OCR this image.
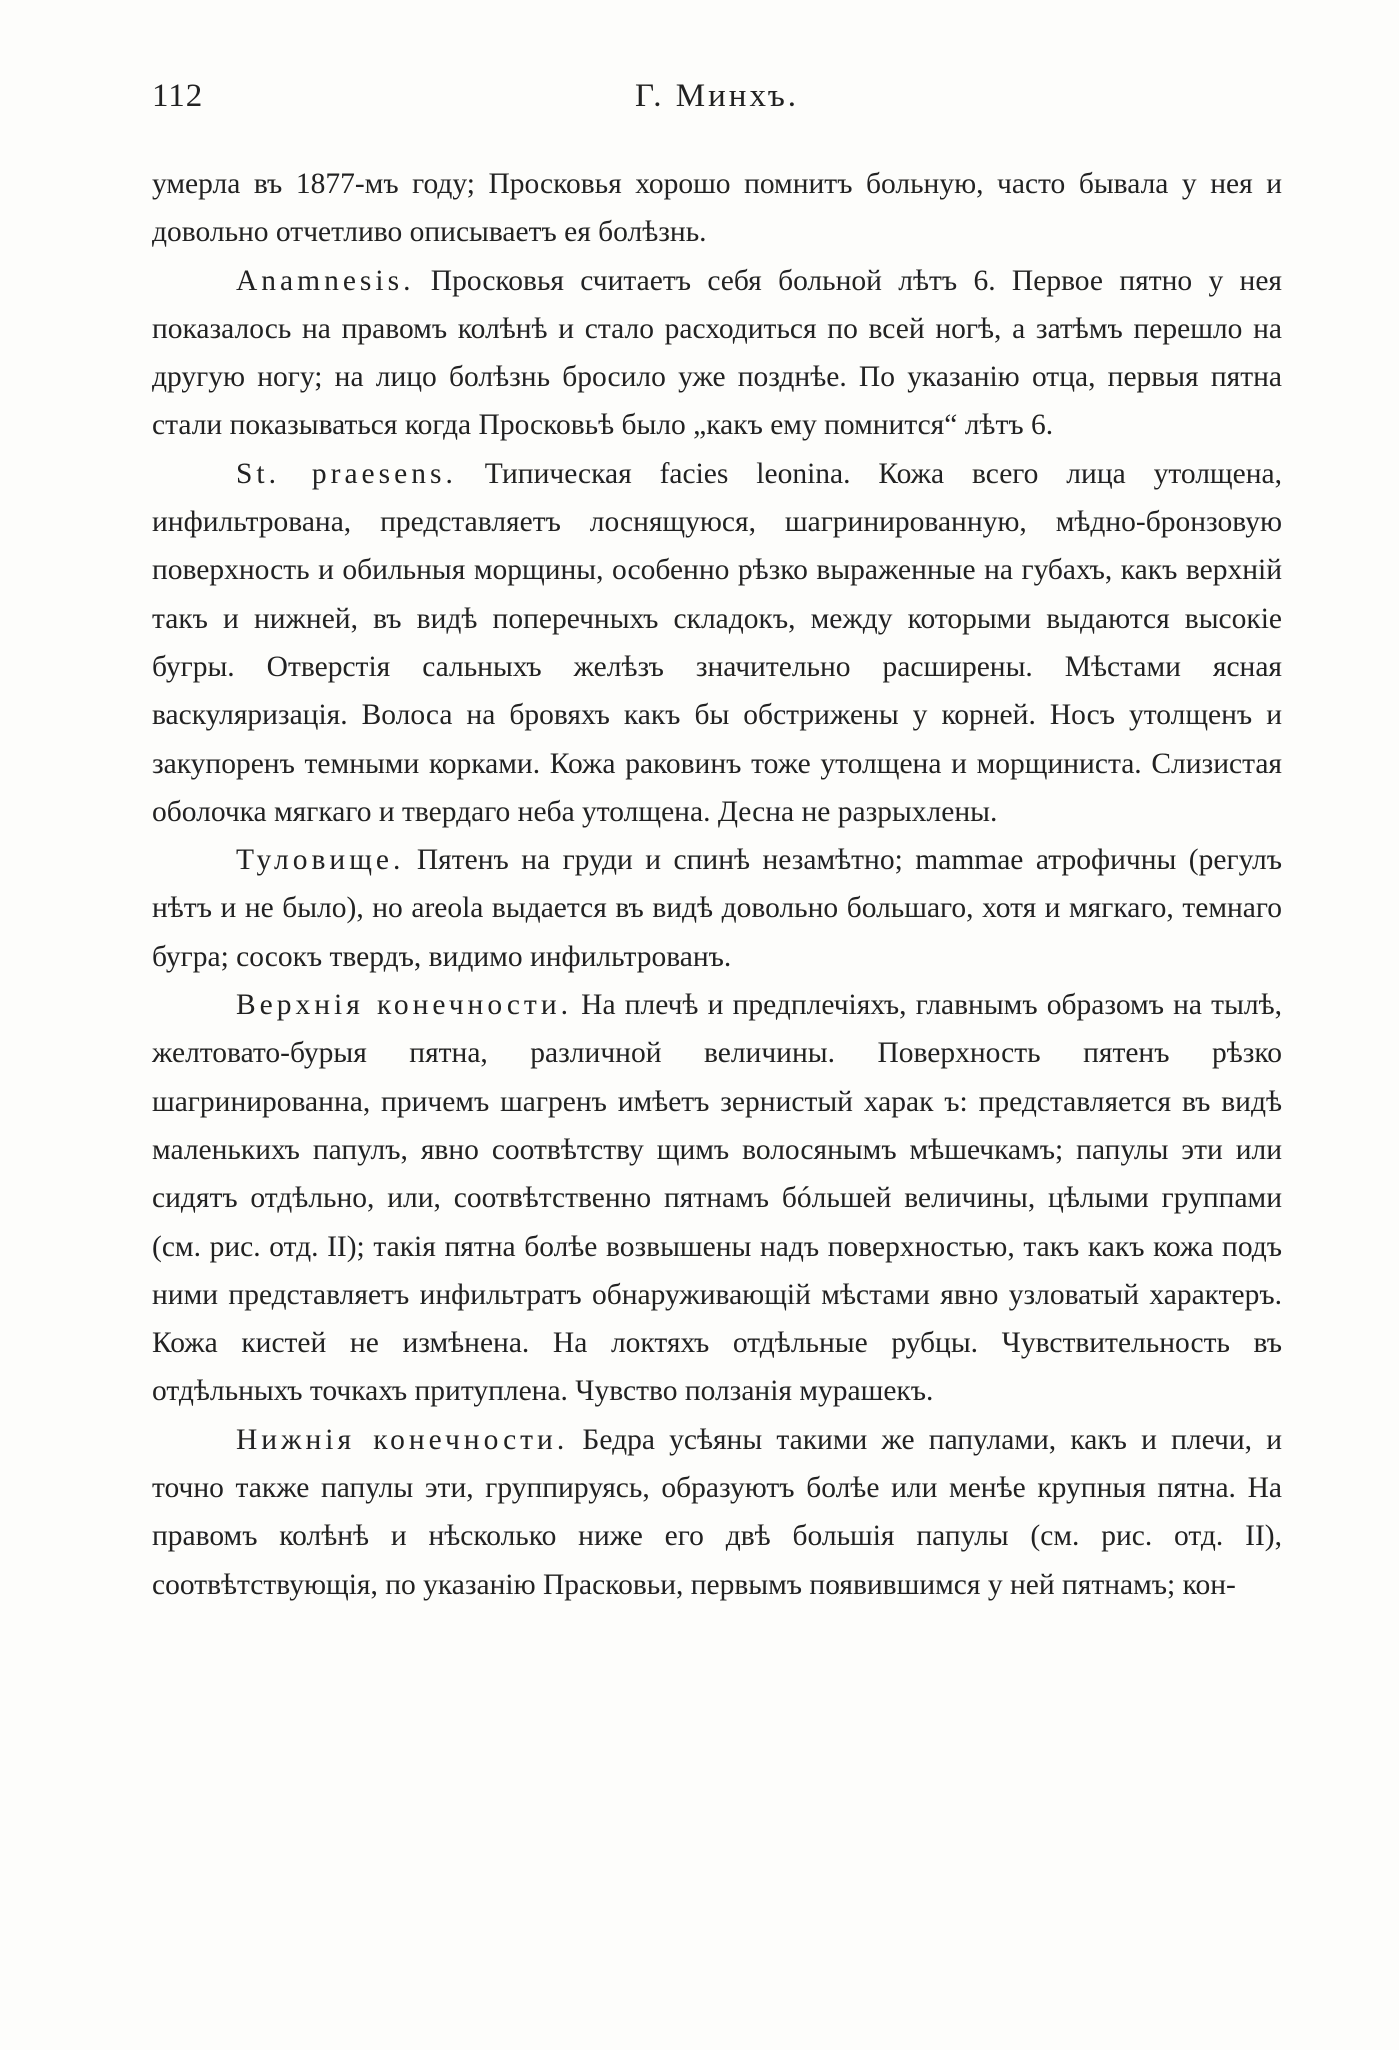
112	Г. Минхъ.

умерла въ 1877-мъ году; Просковья хорошо помнитъ больную, часто бывала у нея и довольно отчетливо описываетъ ея болѣзнь.

Anamnesis. Просковья считаетъ себя больной лѣтъ 6. Первое пятно у нея показалось на правомъ колѣнѣ и стало расходиться по всей ногѣ, а затѣмъ перешло на другую ногу; на лицо болѣзнь бросило уже позднѣе. По указанію отца, первыя пятна стали показываться когда Просковьѣ было „какъ ему помнится“ лѣтъ 6.

St. praesens. Типическая facies leonina. Кожа всего лица утолщена, инфильтрована, представляетъ лоснящуюся, шагринированную, мѣдно-бронзовую поверхность и обильныя морщины, особенно рѣзко выраженные на губахъ, какъ верхній такъ и нижней, въ видѣ поперечныхъ складокъ, между которыми выдаются высокіе бугры. Отверстія сальныхъ желѣзъ значительно расширены. Мѣстами ясная васкуляризація. Волоса на бровяхъ какъ бы обстрижены у корней. Носъ утолщенъ и закупоренъ темными корками. Кожа раковинъ тоже утолщена и морщиниста. Слизистая оболочка мягкаго и твердаго неба утолщена. Десна не разрыхлены.

Туловище. Пятенъ на груди и спинѣ незамѣтно; mammae атрофичны (регулъ нѣтъ и не было), но areola выдается въ видѣ довольно большаго, хотя и мягкаго, темнаго бугра; сосокъ твердъ, видимо инфильтрованъ.

Верхнія конечности. На плечѣ и предплечіяхъ, главнымъ образомъ на тылѣ, желтовато-бурыя пятна, различной величины. Поверхность пятенъ рѣзко шагринированна, причемъ шагренъ имѣетъ зернистый харак ъ: представляется въ видѣ маленькихъ папулъ, явно соотвѣтству щимъ волосянымъ мѣшечкамъ; папулы эти или сидятъ отдѣльно, или, соотвѣтственно пятнамъ бóльшей величины, цѣлыми группами (см. рис. отд. II); такія пятна болѣе возвышены надъ поверхностью, такъ какъ кожа подъ ними представляетъ инфильтратъ обнаруживающій мѣстами явно узловатый характеръ. Кожа кистей не измѣнена. На локтяхъ отдѣльные рубцы. Чувствительность въ отдѣльныхъ точкахъ притуплена. Чувство ползанія мурашекъ.

Нижнія конечности. Бедра усѣяны такими же папулами, какъ и плечи, и точно также папулы эти, группируясь, образуютъ болѣе или менѣе крупныя пятна. На правомъ колѣнѣ и нѣсколько ниже его двѣ большія папулы (см. рис. отд. II), соотвѣтствующія, по указанію Прасковьи, первымъ появившимся у ней пятнамъ; кон-
